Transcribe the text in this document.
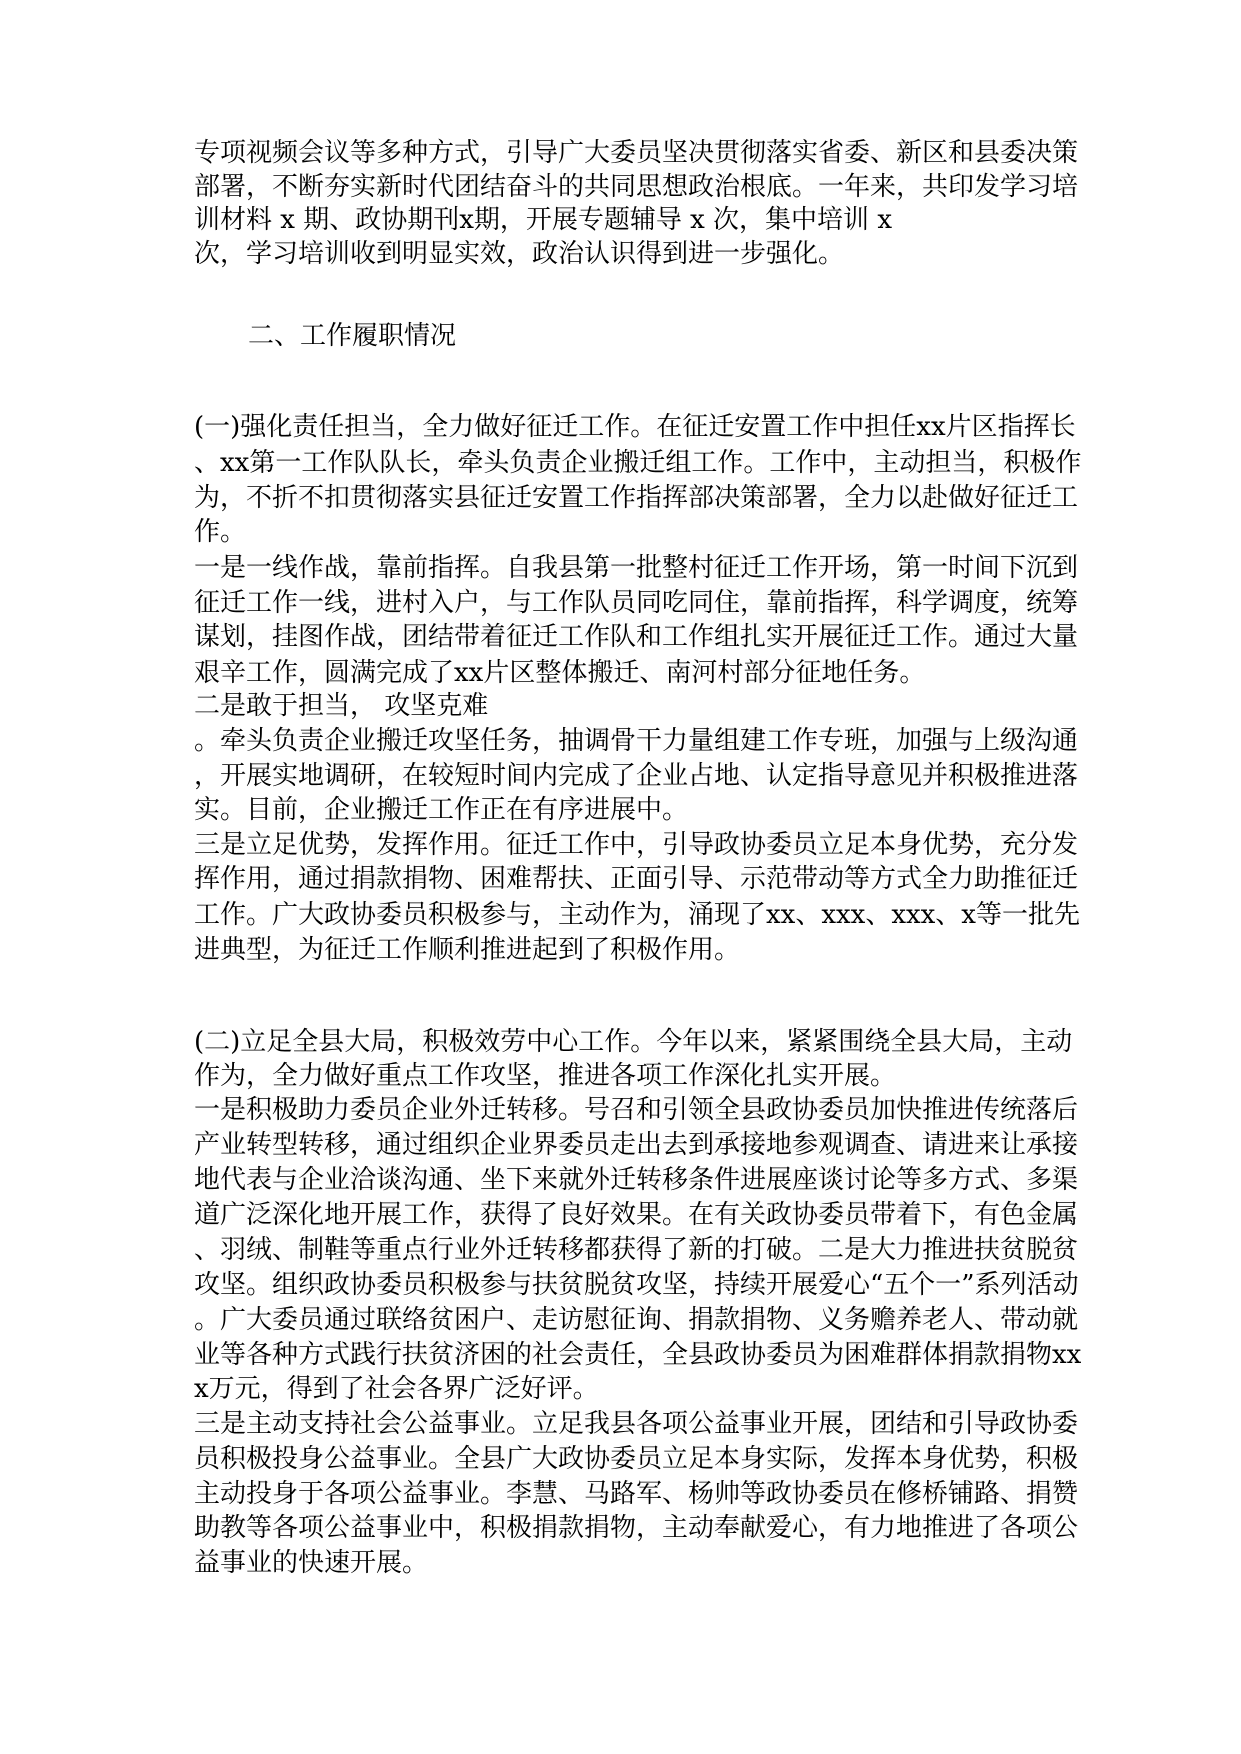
专项视频会议等多种方式，引导广大委员坚决贯彻落实省委、新区和县委决策
部署，不断夯实新时代团结奋斗的共同思想政治根底。一年来，共印发学习培
训材料 x 期、政协期刊x期，开展专题辅导 x 次，集中培训 x
次，学习培训收到明显实效，政治认识得到进一步强化。
二、工作履职情况
(一)强化责任担当，全力做好征迁工作。在征迁安置工作中担任xx片区指挥长
、xx第一工作队队长，牵头负责企业搬迁组工作。工作中，主动担当，积极作
为，不折不扣贯彻落实县征迁安置工作指挥部决策部署，全力以赴做好征迁工
作。
一是一线作战，靠前指挥。自我县第一批整村征迁工作开场，第一时间下沉到
征迁工作一线，进村入户，与工作队员同吃同住，靠前指挥，科学调度，统筹
谋划，挂图作战，团结带着征迁工作队和工作组扎实开展征迁工作。通过大量
艰辛工作，圆满完成了xx片区整体搬迁、南河村部分征地任务。
二是敢于担当， 攻坚克难
。牵头负责企业搬迁攻坚任务，抽调骨干力量组建工作专班，加强与上级沟通
，开展实地调研，在较短时间内完成了企业占地、认定指导意见并积极推进落
实。目前，企业搬迁工作正在有序进展中。
三是立足优势，发挥作用。征迁工作中，引导政协委员立足本身优势，充分发
挥作用，通过捐款捐物、困难帮扶、正面引导、示范带动等方式全力助推征迁
工作。广大政协委员积极参与，主动作为，涌现了xx、xxx、xxx、x等一批先
进典型，为征迁工作顺利推进起到了积极作用。
(二)立足全县大局，积极效劳中心工作。今年以来，紧紧围绕全县大局，主动
作为，全力做好重点工作攻坚，推进各项工作深化扎实开展。
一是积极助力委员企业外迁转移。号召和引领全县政协委员加快推进传统落后
产业转型转移，通过组织企业界委员走出去到承接地参观调查、请进来让承接
地代表与企业洽谈沟通、坐下来就外迁转移条件进展座谈讨论等多方式、多渠
道广泛深化地开展工作，获得了良好效果。在有关政协委员带着下，有色金属
、羽绒、制鞋等重点行业外迁转移都获得了新的打破。二是大力推进扶贫脱贫
攻坚。组织政协委员积极参与扶贫脱贫攻坚，持续开展爱心“五个一”系列活动
。广大委员通过联络贫困户、走访慰征询、捐款捐物、义务赡养老人、带动就
业等各种方式践行扶贫济困的社会责任，全县政协委员为困难群体捐款捐物xx
x万元，得到了社会各界广泛好评。
三是主动支持社会公益事业。立足我县各项公益事业开展，团结和引导政协委
员积极投身公益事业。全县广大政协委员立足本身实际，发挥本身优势，积极
主动投身于各项公益事业。李慧、马路军、杨帅等政协委员在修桥铺路、捐赞
助教等各项公益事业中，积极捐款捐物，主动奉献爱心，有力地推进了各项公
益事业的快速开展。
